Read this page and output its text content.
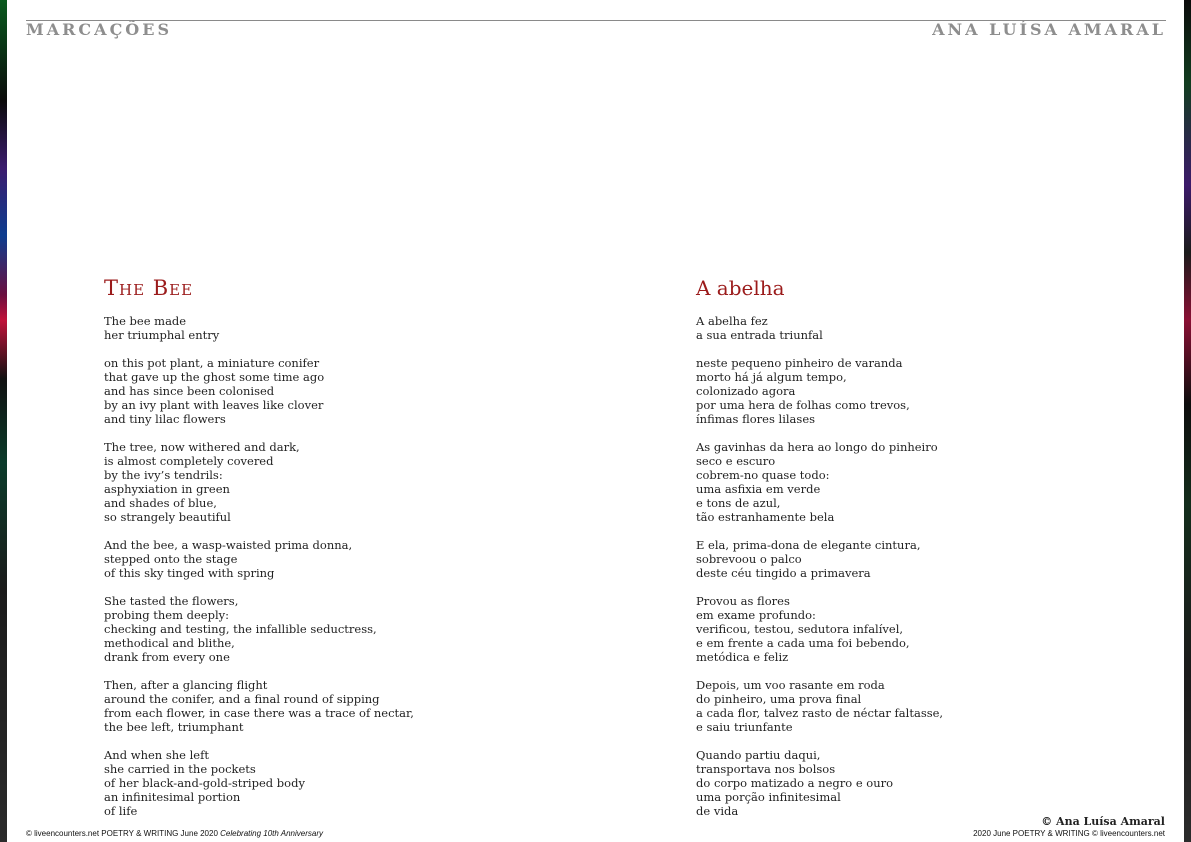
MARCAÇÕES	ANA LUÍSA AMARAL

The Bee
The bee made
her triumphal entry
on this pot plant, a miniature conifer
that gave up the ghost some time ago
and has since been colonised
by an ivy plant with leaves like clover
and tiny lilac flowers
The tree, now withered and dark,
is almost completely covered
by the ivy’s tendrils:
asphyxiation in green
and shades of blue,
so strangely beautiful
And the bee, a wasp-waisted prima donna,
stepped onto the stage
of this sky tinged with spring
She tasted the flowers,
probing them deeply:
checking and testing, the infallible seductress,
methodical and blithe,
drank from every one
Then, after a glancing flight
around the conifer, and a final round of sipping
from each flower, in case there was a trace of nectar,
the bee left, triumphant
And when she left
she carried in the pockets
of her black-and-gold-striped body
an infinitesimal portion
of life
A abelha
A abelha fez
a sua entrada triunfal
neste pequeno pinheiro de varanda
morto há já algum tempo,
colonizado agora
por uma hera de folhas como trevos,
ínfimas flores lilases
As gavinhas da hera ao longo do pinheiro
seco e escuro
cobrem-no quase todo:
uma asfixia em verde
e tons de azul,
tão estranhamente bela
E ela, prima-dona de elegante cintura,
sobrevoou o palco
deste céu tingido a primavera
Provou as flores
em exame profundo:
verificou, testou, sedutora infalível,
e em frente a cada uma foi bebendo,
metódica e feliz
Depois, um voo rasante em roda
do pinheiro, uma prova final
a cada flor, talvez rasto de néctar faltasse,
e saiu triunfante
Quando partiu daqui,
transportava nos bolsos
do corpo matizado a negro e ouro
uma porção infinitesimal
de vida

© Ana Luísa Amaral

© liveencounters.net POETRY & WRITING June 2020 Celebrating 10th Anniversary	2020 June POETRY & WRITING © liveencounters.net
